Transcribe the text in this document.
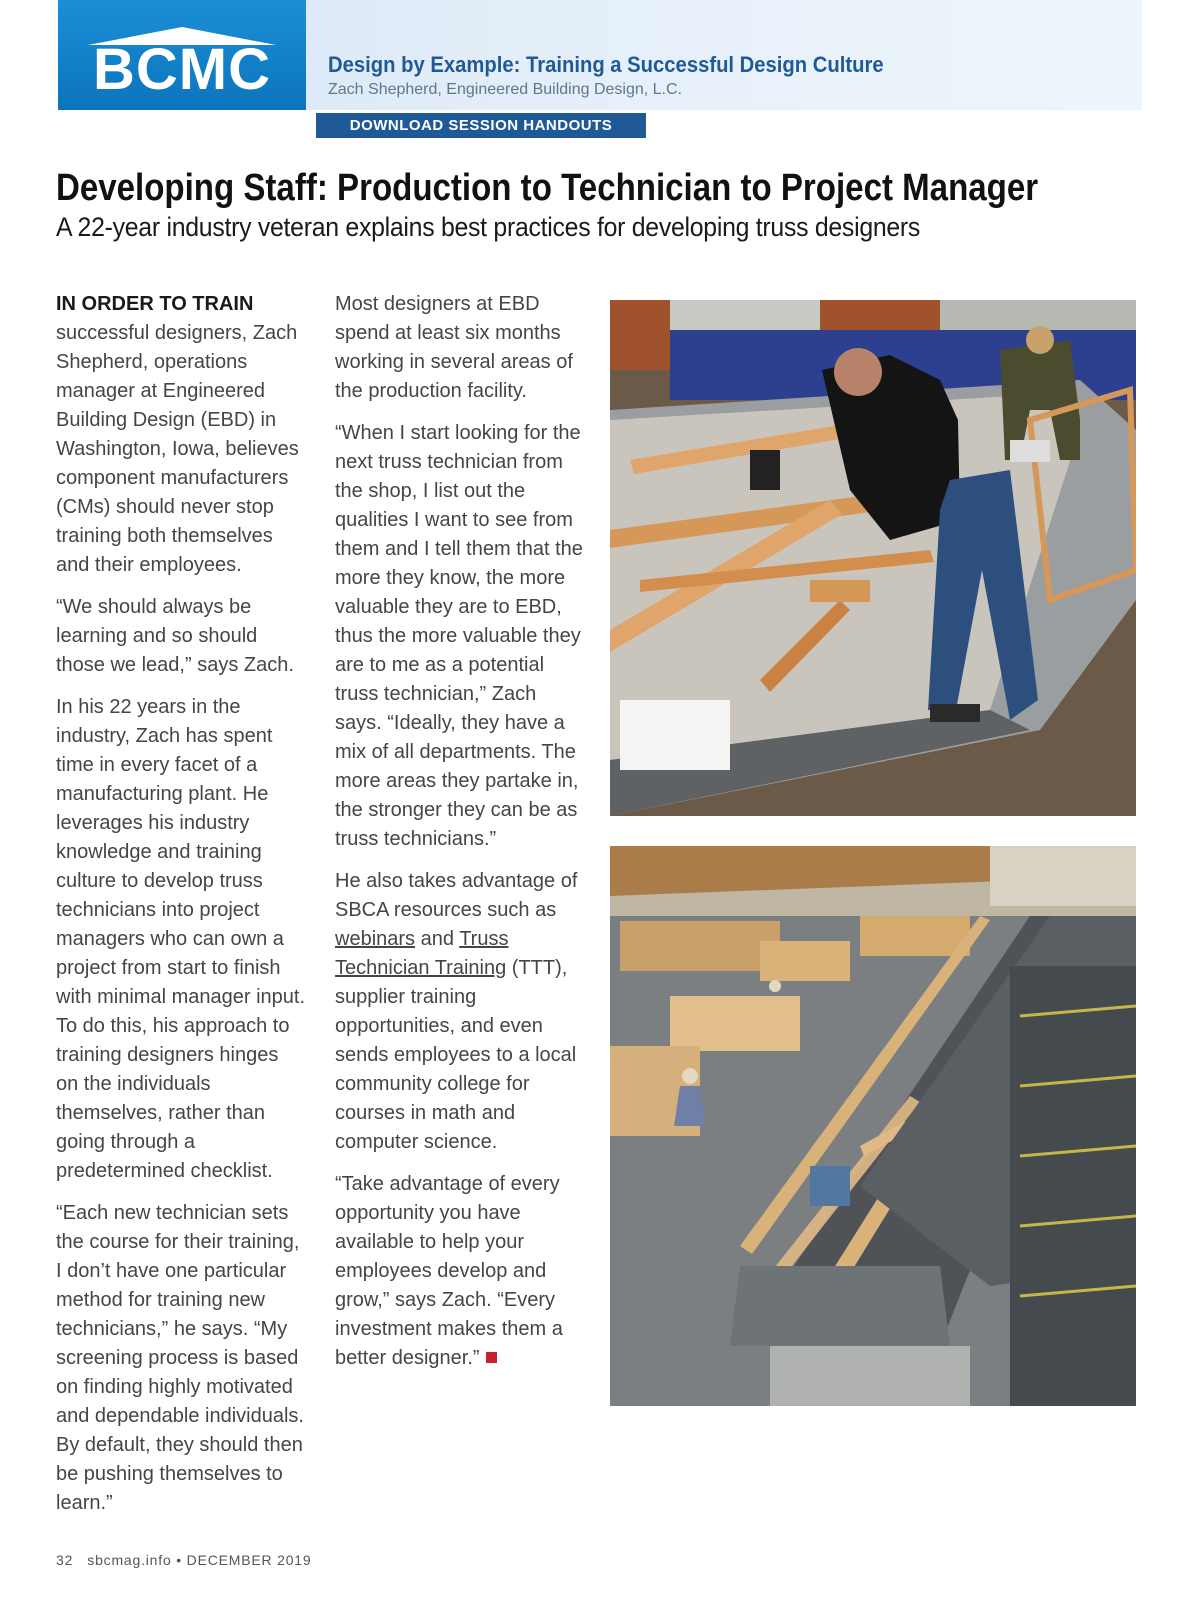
BCMC	Design by Example: Training a Successful Design Culture
Zach Shepherd, Engineered Building Design, L.C.
DOWNLOAD SESSION HANDOUTS
Developing Staff: Production to Technician to Project Manager
A 22-year industry veteran explains best practices for developing truss designers

IN ORDER TO TRAIN successful designers, Zach Shepherd, operations manager at Engineered Building Design (EBD) in Washington, Iowa, believes component manufacturers (CMs) should never stop training both themselves and their employees.

“We should always be learning and so should those we lead,” says Zach.

In his 22 years in the industry, Zach has spent time in every facet of a manufacturing plant. He leverages his industry knowledge and training culture to develop truss technicians into project managers who can own a project from start to finish with minimal manager input. To do this, his approach to training designers hinges on the individuals themselves, rather than going through a predetermined checklist.

“Each new technician sets the course for their training, I don’t have one particular method for training new technicians,” he says. “My screening process is based on finding highly motivated and dependable individuals. By default, they should then be pushing themselves to learn.”

Most designers at EBD spend at least six months working in several areas of the production facility.

“When I start looking for the next truss technician from the shop, I list out the qualities I want to see from them and I tell them that the more they know, the more valuable they are to EBD, thus the more valuable they are to me as a potential truss technician,” Zach says. “Ideally, they have a mix of all departments. The more areas they partake in, the stronger they can be as truss technicians.”

He also takes advantage of SBCA resources such as webinars and Truss Technician Training (TTT), supplier training opportunities, and even sends employees to a local community college for courses in math and computer science.

“Take advantage of every opportunity you have available to help your employees develop and grow,” says Zach. “Every investment makes them a better designer.”

32 sbcmag.info • DECEMBER 2019
